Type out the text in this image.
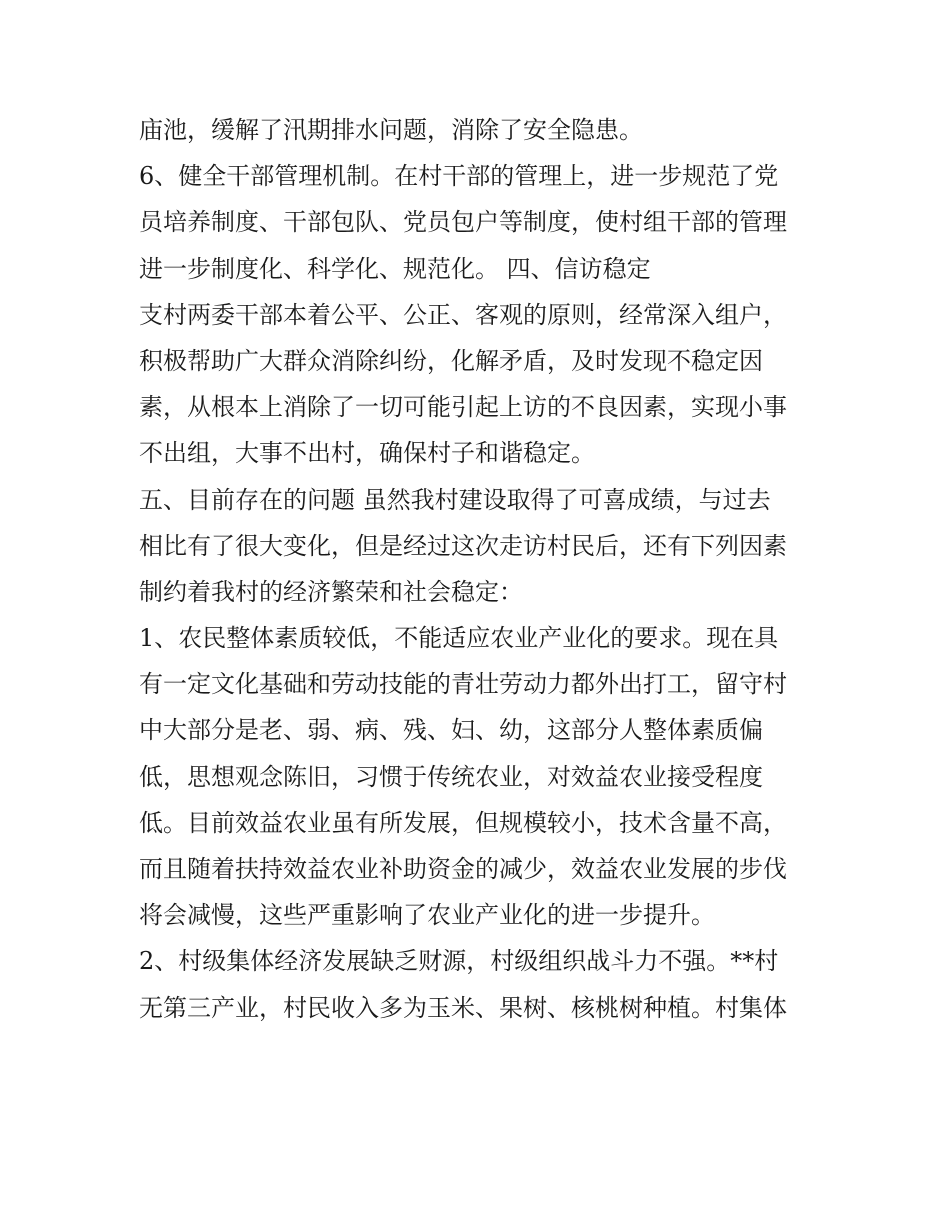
庙池，缓解了汛期排水问题，消除了安全隐患。
6、健全干部管理机制。在村干部的管理上，进一步规范了党
员培养制度、干部包队、党员包户等制度，使村组干部的管理
进一步制度化、科学化、规范化。 四、信访稳定
支村两委干部本着公平、公正、客观的原则，经常深入组户，
积极帮助广大群众消除纠纷，化解矛盾，及时发现不稳定因
素，从根本上消除了一切可能引起上访的不良因素，实现小事
不出组，大事不出村，确保村子和谐稳定。
五、目前存在的问题 虽然我村建设取得了可喜成绩，与过去
相比有了很大变化，但是经过这次走访村民后，还有下列因素
制约着我村的经济繁荣和社会稳定：
1、农民整体素质较低，不能适应农业产业化的要求。现在具
有一定文化基础和劳动技能的青壮劳动力都外出打工，留守村
中大部分是老、弱、病、残、妇、幼，这部分人整体素质偏
低，思想观念陈旧，习惯于传统农业，对效益农业接受程度
低。目前效益农业虽有所发展，但规模较小，技术含量不高，
而且随着扶持效益农业补助资金的减少，效益农业发展的步伐
将会减慢，这些严重影响了农业产业化的进一步提升。
2、村级集体经济发展缺乏财源，村级组织战斗力不强。**村
无第三产业，村民收入多为玉米、果树、核桃树种植。村集体
